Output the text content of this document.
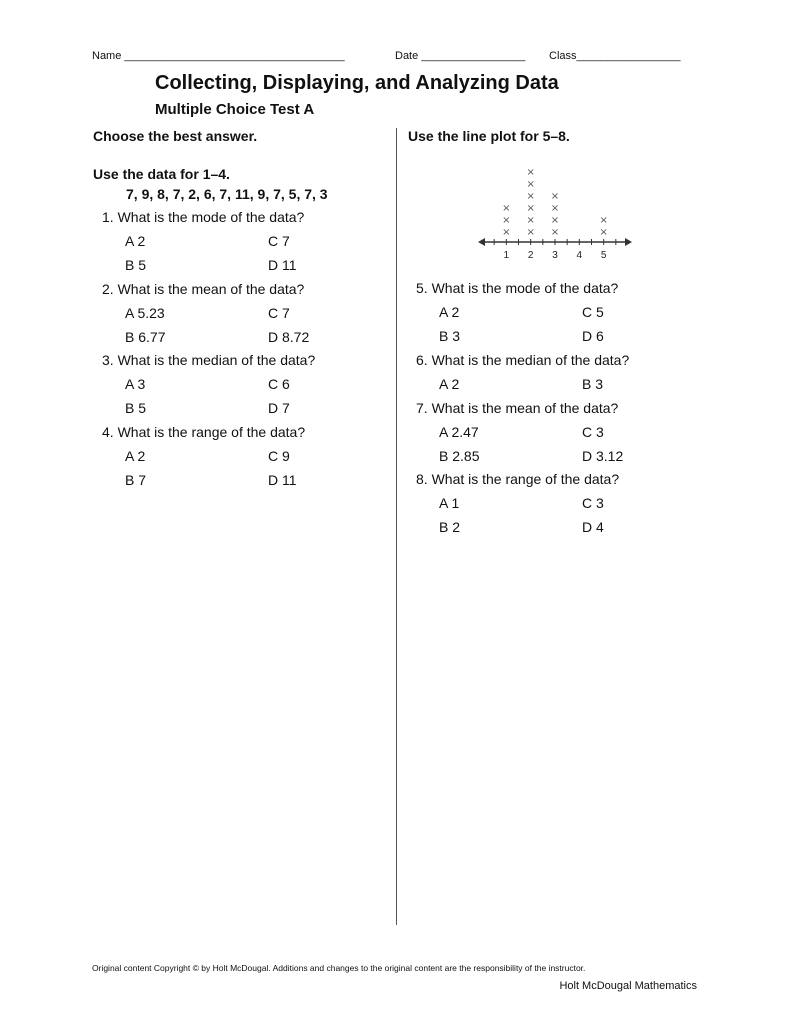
Name ____________________________________	Date _________________ Class_________________
Collecting, Displaying, and Analyzing Data
Multiple Choice Test A
Choose the best answer.
Use the data for 1–4.
7, 9, 8, 7, 2, 6, 7, 11, 9, 7, 5, 7, 3
1. What is the mode of the data?
A 2	C 7
B 5	D 11
2. What is the mean of the data?
A 5.23	C 7
B 6.77	D 8.72
3. What is the median of the data?
A 3	C 6
B 5	D 7
4. What is the range of the data?
A 2	C 9
B 7	D 11
Use the line plot for 5–8.
1
×
×
×
2
×
×
×
×
×
×
3
×
×
×
×
4 5
×
×
5. What is the mode of the data?
A 2	C 5
B 3	D 6
6. What is the median of the data?
A 2	B 3
7. What is the mean of the data?
A 2.47	C 3
B 2.85	D 3.12
8. What is the range of the data?
A 1	C 3
B 2	D 4
Original content Copyright © by Holt McDougal. Additions and changes to the original content are the responsibility of the instructor.
Holt McDougal Mathematics
